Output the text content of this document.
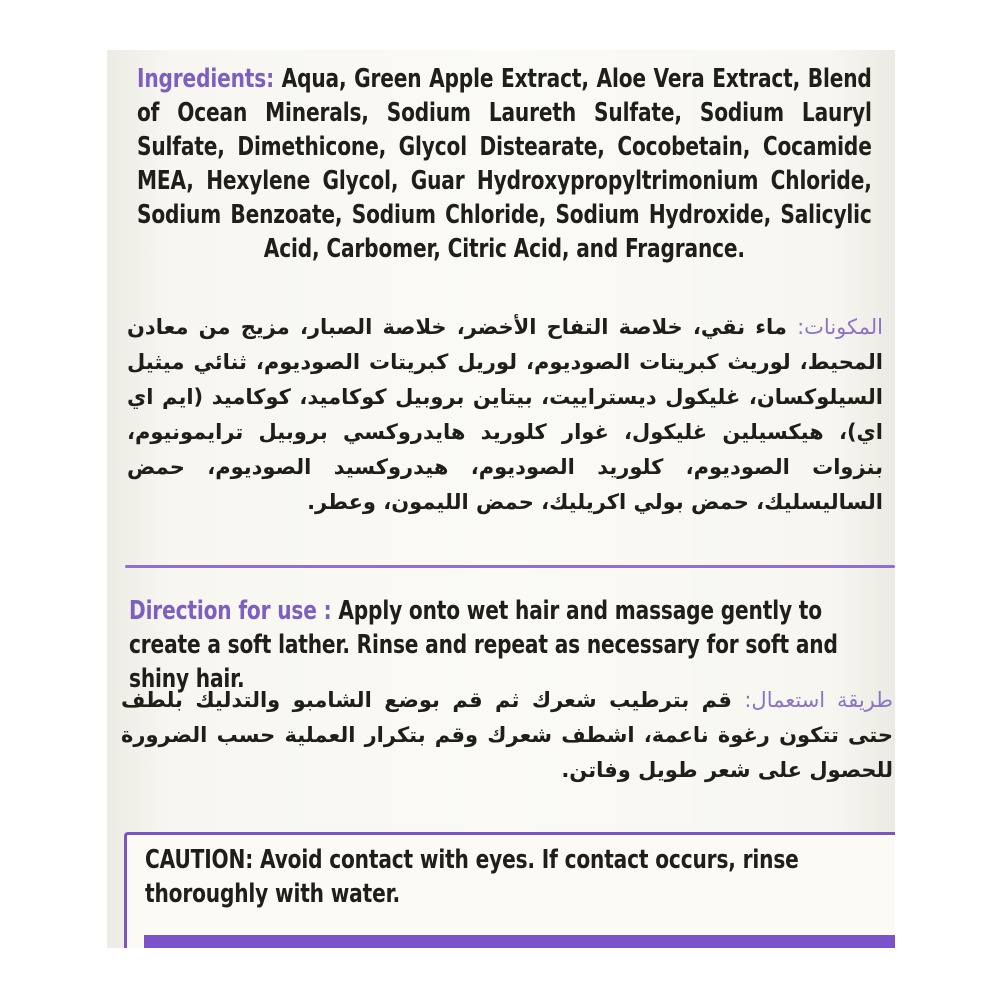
Ingredients: Aqua, Green Apple Extract, Aloe Vera Extract, Blend of Ocean Minerals, Sodium Laureth Sulfate, Sodium Lauryl Sulfate, Dimethicone, Glycol Distearate, Cocobetain, Cocamide MEA, Hexylene Glycol, Guar Hydroxypropyltrimonium Chloride, Sodium Benzoate, Sodium Chloride, Sodium Hydroxide, Salicylic Acid, Carbomer, Citric Acid, and Fragrance.
المكونات: ماء نقي، خلاصة التفاح الأخضر، خلاصة الصبار، مزيج من معادن المحيط، لوريث كبريتات الصوديوم، لوريل كبريتات الصوديوم، ثنائي ميثيل السيلوكسان، غليكول ديستراييت، بيتاين بروبيل كوكاميد، كوكاميد (ايم اي اي)، هيكسيلين غليكول، غوار كلوريد هايدروكسي بروبيل ترايمونيوم، بنزوات الصوديوم، كلوريد الصوديوم، هيدروكسيد الصوديوم، حمض الساليسليك، حمض بولي اكريليك، حمض الليمون، وعطر.
Direction for use : Apply onto wet hair and massage gently to create a soft lather. Rinse and repeat as necessary for soft and shiny hair.
طريقة استعمال: قم بترطيب شعرك ثم قم بوضع الشامبو والتدليك بلطف حتى تتكون رغوة ناعمة، اشطف شعرك وقم بتكرار العملية حسب الضرورة للحصول على شعر طويل وفاتن.
CAUTION: Avoid contact with eyes. If contact occurs, rinse thoroughly with water.
